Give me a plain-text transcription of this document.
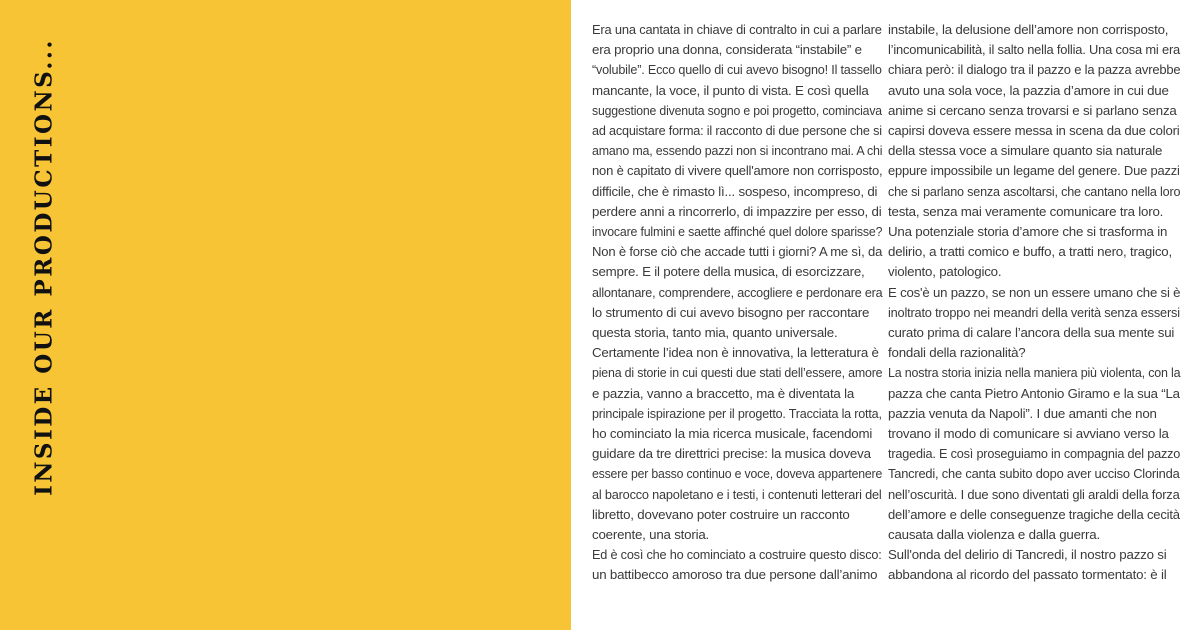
INSIDE OUR PRODUCTIONS...
Era una cantata in chiave di contralto in cui a parlare
era proprio una donna, considerata “instabile” e
“volubile”. Ecco quello di cui avevo bisogno! Il tassello
mancante, la voce, il punto di vista. E così quella
suggestione divenuta sogno e poi progetto, cominciava
ad acquistare forma: il racconto di due persone che si
amano ma, essendo pazzi non si incontrano mai. A chi
non è capitato di vivere quell'amore non corrisposto,
difficile, che è rimasto lì... sospeso, incompreso, di
perdere anni a rincorrerlo, di impazzire per esso, di
invocare fulmini e saette affinché quel dolore sparisse?
Non è forse ciò che accade tutti i giorni? A me sì, da
sempre. E il potere della musica, di esorcizzare,
allontanare, comprendere, accogliere e perdonare era
lo strumento di cui avevo bisogno per raccontare
questa storia, tanto mia, quanto universale.
Certamente l’idea non è innovativa, la letteratura è
piena di storie in cui questi due stati dell’essere, amore
e pazzia, vanno a braccetto, ma è diventata la
principale ispirazione per il progetto. Tracciata la rotta,
ho cominciato la mia ricerca musicale, facendomi
guidare da tre direttrici precise: la musica doveva
essere per basso continuo e voce, doveva appartenere
al barocco napoletano e i testi, i contenuti letterari del
libretto, dovevano poter costruire un racconto
coerente, una storia.
Ed è così che ho cominciato a costruire questo disco:
un battibecco amoroso tra due persone dall’animo
instabile, la delusione dell’amore non corrisposto,
l’incomunicabilità, il salto nella follia. Una cosa mi era
chiara però: il dialogo tra il pazzo e la pazza avrebbe
avuto una sola voce, la pazzia d’amore in cui due
anime si cercano senza trovarsi e si parlano senza
capirsi doveva essere messa in scena da due colori
della stessa voce a simulare quanto sia naturale
eppure impossibile un legame del genere. Due pazzi
che si parlano senza ascoltarsi, che cantano nella loro
testa, senza mai veramente comunicare tra loro.
Una potenziale storia d’amore che si trasforma in
delirio, a tratti comico e buffo, a tratti nero, tragico,
violento, patologico.
E cos'è un pazzo, se non un essere umano che si è
inoltrato troppo nei meandri della verità senza essersi
curato prima di calare l’ancora della sua mente sui
fondali della razionalità?
La nostra storia inizia nella maniera più violenta, con la
pazza che canta Pietro Antonio Giramo e la sua “La
pazzia venuta da Napoli”. I due amanti che non
trovano il modo di comunicare si avviano verso la
tragedia. E così proseguiamo in compagnia del pazzo
Tancredi, che canta subito dopo aver ucciso Clorinda
nell’oscurità. I due sono diventati gli araldi della forza
dell’amore e delle conseguenze tragiche della cecità
causata dalla violenza e dalla guerra.
Sull'onda del delirio di Tancredi, il nostro pazzo si
abbandona al ricordo del passato tormentato: è il
